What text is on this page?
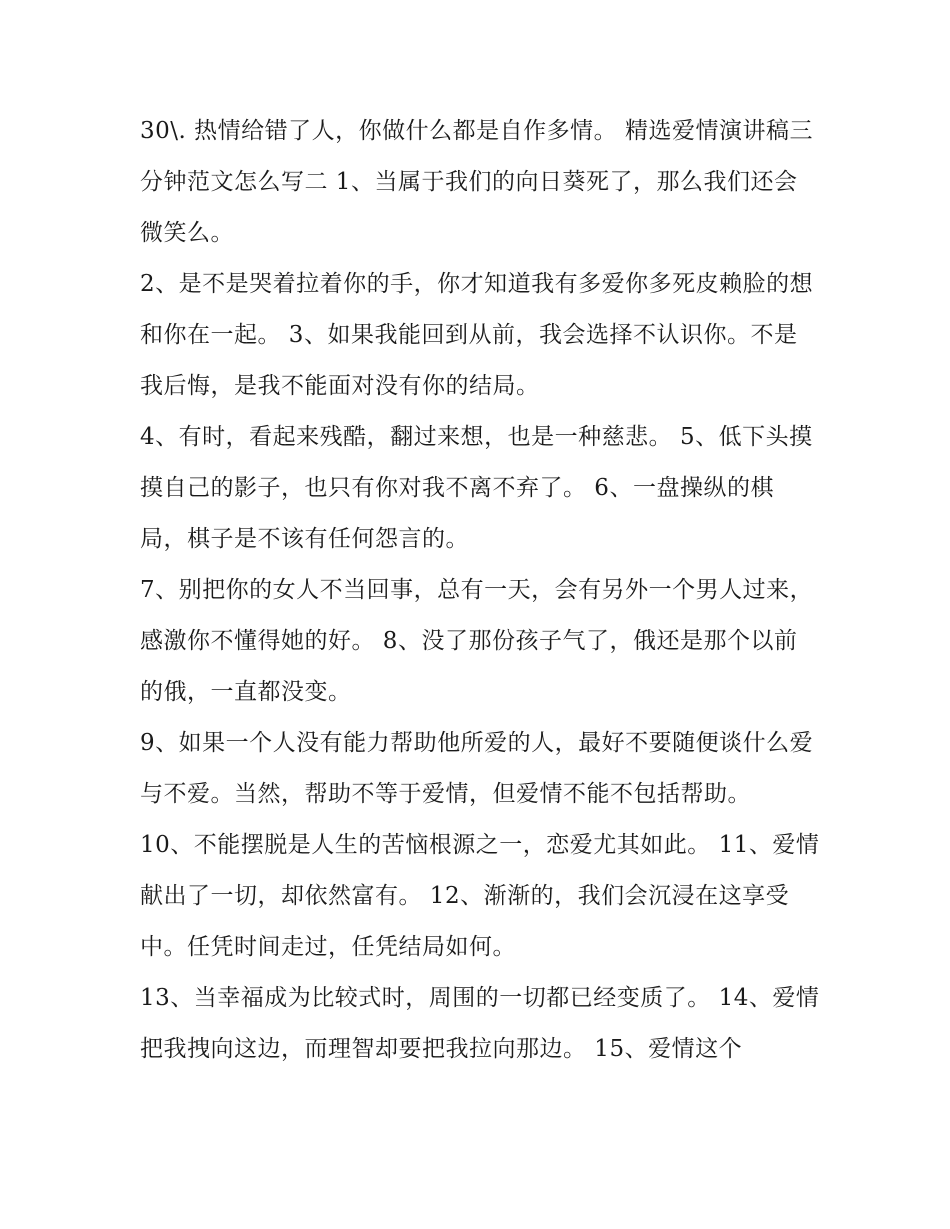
30\. 热情给错了人，你做什么都是自作多情。 精选爱情演讲稿三分钟范文怎么写二 1、当属于我们的向日葵死了，那么我们还会微笑么。

2、是不是哭着拉着你的手，你才知道我有多爱你多死皮赖脸的想和你在一起。 3、如果我能回到从前，我会选择不认识你。不是我后悔，是我不能面对没有你的结局。

4、有时，看起来残酷，翻过来想，也是一种慈悲。 5、低下头摸摸自己的影子，也只有你对我不离不弃了。 6、一盘操纵的棋局，棋子是不该有任何怨言的。

7、别把你的女人不当回事，总有一天，会有另外一个男人过来，感激你不懂得她的好。 8、没了那份孩子气了，俄还是那个以前的俄，一直都没变。

9、如果一个人没有能力帮助他所爱的人，最好不要随便谈什么爱与不爱。当然，帮助不等于爱情，但爱情不能不包括帮助。

10、不能摆脱是人生的苦恼根源之一，恋爱尤其如此。 11、爱情献出了一切，却依然富有。 12、渐渐的，我们会沉浸在这享受中。任凭时间走过，任凭结局如何。

13、当幸福成为比较式时，周围的一切都已经变质了。 14、爱情把我拽向这边，而理智却要把我拉向那边。 15、爱情这个
